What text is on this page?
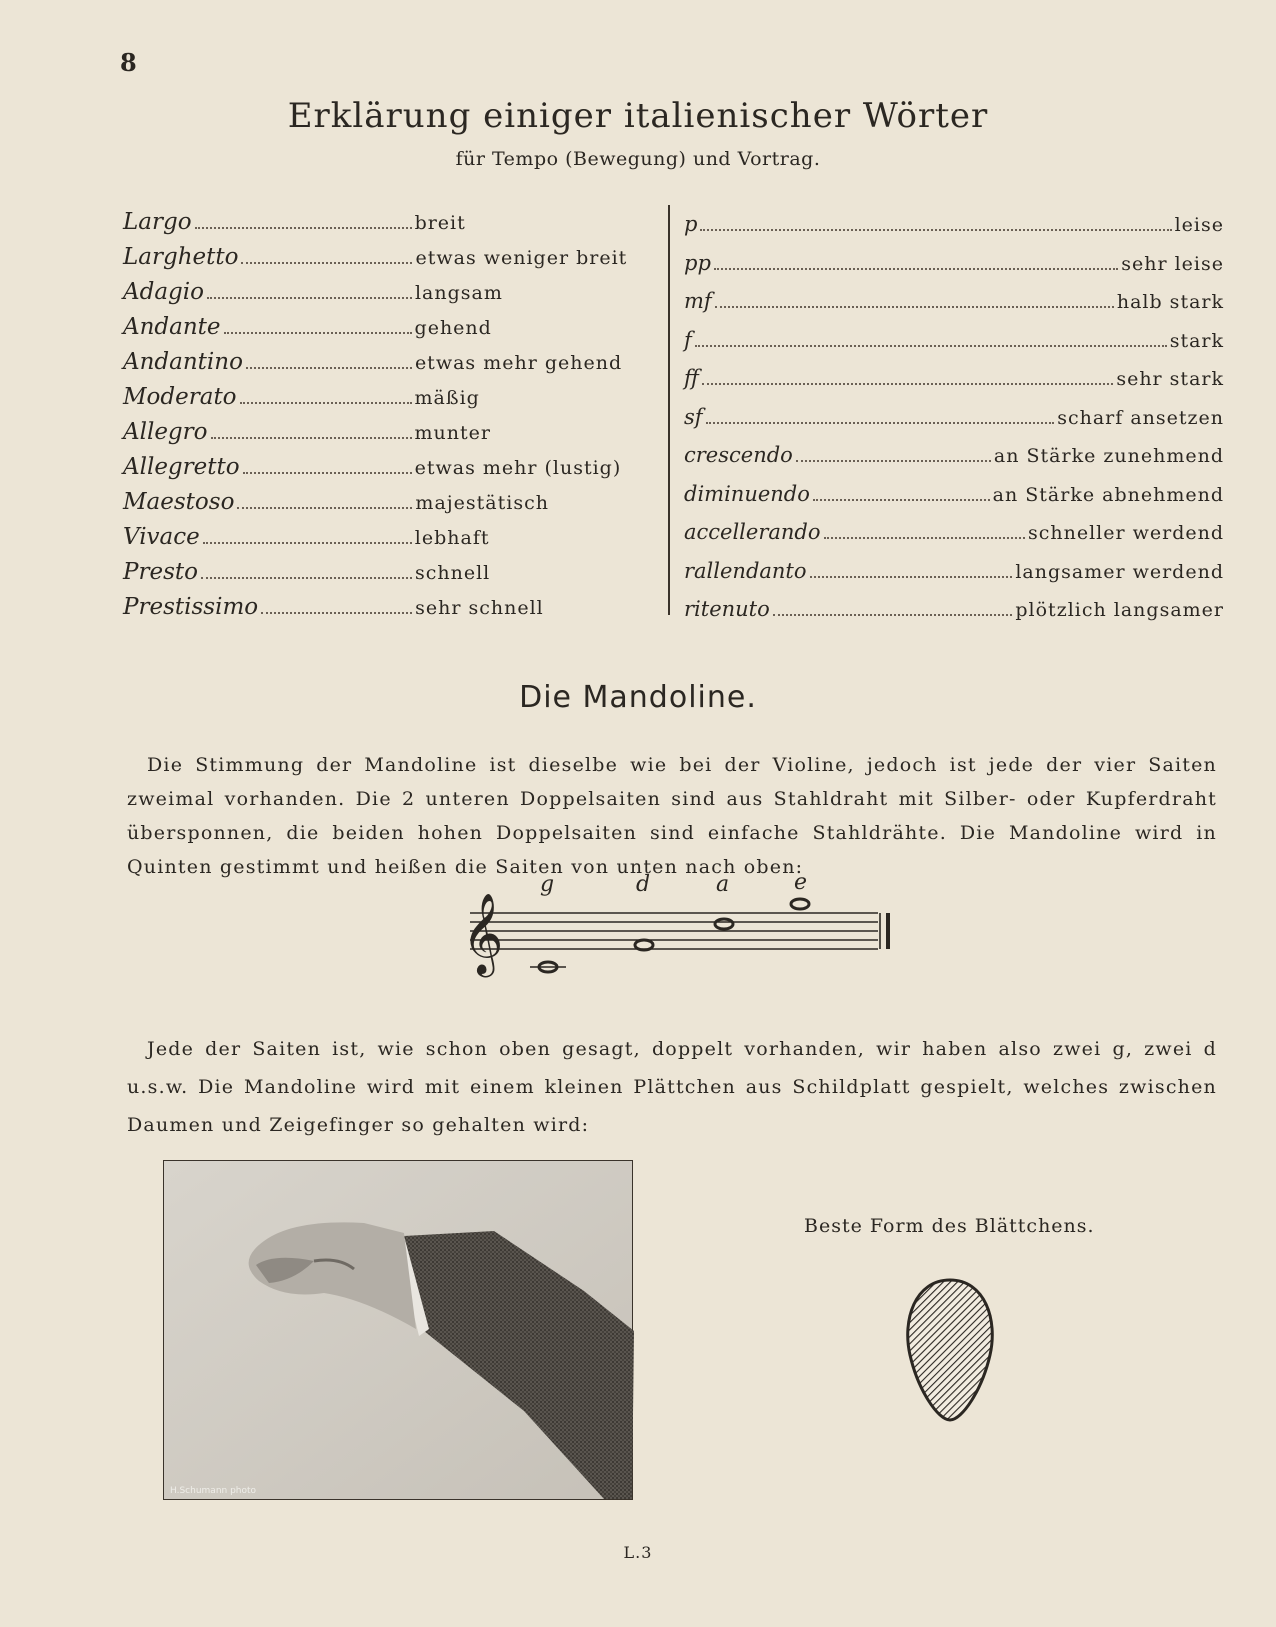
8
Erklärung einiger italienischer Wörter
für Tempo (Bewegung) und Vortrag.
Largo	breit
Larghetto	etwas weniger breit
Adagio	langsam
Andante	gehend
Andantino	etwas mehr gehend
Moderato	mäßig
Allegro	munter
Allegretto	etwas mehr (lustig)
Maestoso	majestätisch
Vivace	lebhaft
Presto	schnell
Prestissimo	sehr schnell
p	leise
pp	sehr leise
mf	halb stark
f	stark
ff	sehr stark
sf	scharf ansetzen
crescendo	an Stärke zunehmend
diminuendo	an Stärke abnehmend
accellerando	schneller werdend
rallendanto	langsamer werdend
ritenuto	plötzlich langsamer
Die Mandoline.
Die Stimmung der Mandoline ist dieselbe wie bei der Violine, jedoch ist jede der vier Saiten zweimal vorhanden. Die 2 unteren Doppelsaiten sind aus Stahldraht mit Silber- oder Kupferdraht übersponnen, die beiden hohen Doppelsaiten sind einfache Stahldrähte. Die Mandoline wird in Quinten gestimmt und heißen die Saiten von unten nach oben:
𝄞
g	d	a	e
Jede der Saiten ist, wie schon oben gesagt, doppelt vorhanden, wir haben also zwei g, zwei d u.s.w. Die Mandoline wird mit einem kleinen Plättchen aus Schildplatt gespielt, welches zwischen Daumen und Zeigefinger so gehalten wird:
H.Schumann photo
Beste Form des Blättchens.
L.3
